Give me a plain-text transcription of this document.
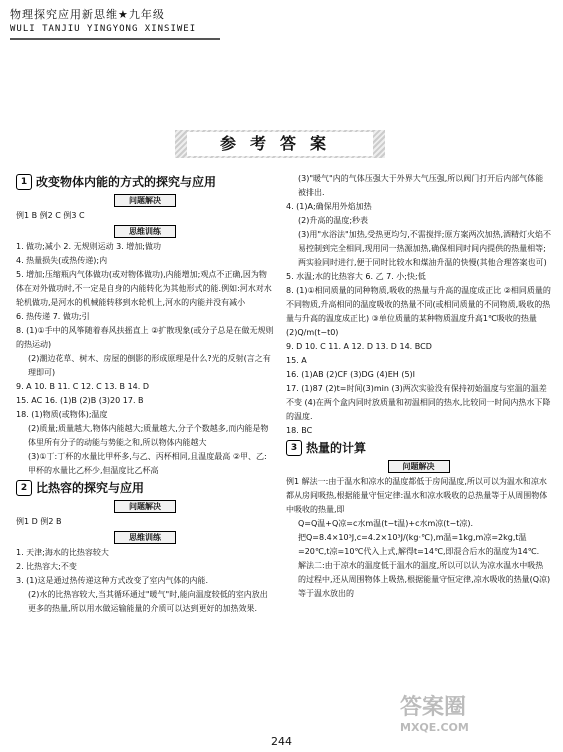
物理探究应用新思维★九年级
WULI TANJIU YINGYONG XINSIWEI
参考答案
1 改变物体内能的方式的探究与应用
问题解决

例1 B 例2 C 例3 C

思维训练

1. 做功;减小 2. 无规则运动 3. 增加;做功

4. 热量损失(或热传递);内

5. 增加;压缩瓶内气体做功(或对物体做功),内能增加;观点不正确,因为物体在对外做功时,不一定是自身的内能转化为其他形式的能.例如:河水对水轮机做功,是河水的机械能转移到水轮机上,河水的内能并没有减小

6. 热传递 7. 做功;引

8. (1)①手中的风筝随着春风扶摇直上 ②扩散现象(或分子总是在做无规则的热运动)

(2)潮边花草、树木、房屋的倒影的形成原理是什么?光的反射(言之有理即可)

9. A 10. B 11. C 12. C 13. B 14. D

15. AC 16. (1)B (2)B (3)20 17. B

18. (1)物质(或物体);温度

(2)质量;质量越大,物体内能越大;质量越大,分子个数越多,而内能是物体里所有分子的动能与势能之和,所以物体内能越大

(3)①丁:丁杯的水量比甲杯多,与乙、丙杯相同,且温度最高 ②甲、乙:甲杯的水量比乙杯少,但温度比乙杯高

2 比热容的探究与应用
问题解决

例1 D 例2 B

思维训练

1. 天津;海水的比热容较大

2. 比热容大;不变

3. (1)这是通过热传递这种方式改变了室内气体的内能.

(2)水的比热容较大,当其循环通过"暖气"时,能向温度较低的室内放出更多的热量,所以用水做运输能量的介质可以达到更好的加热效果.

(3)"暖气"内的气体压强大于外界大气压强,所以阀门打开后内部气体能被排出.

4. (1)A;确保用外焰加热

(2)升高的温度;秒表

(3)用"水浴法"加热,受热更均匀,不需搅拌;原方案两次加热,酒精灯火焰不易控制到完全相同,现用同一热源加热,确保相同时间内提供的热量相等;两实验同时进行,便于同时比较水和煤油升温的快慢(其他合理答案也可)

5. 水温;水的比热容大 6. 乙 7. 小;快;低

8. (1)①相同质量的同种物质,吸收的热量与升高的温度成正比 ②相同质量的不同物质,升高相同的温度吸收的热量不同(或相同质量的不同物质,吸收的热量与升高的温度成正比) ③单位质量的某种物质温度升高1℃吸收的热量 (2)Q/m(t−t0)

9. D 10. C 11. A 12. D 13. D 14. BCD

15. A

16. (1)AB (2)CF (3)DG (4)EH (5)I

17. (1)87 (2)t=时间(3)min (3)两次实验没有保持初始温度与室温的温差不变 (4)在两个盒内同时放质量和初温相同的热水,比较同一时间内热水下降的温度.

18. BC

3 热量的计算
问题解决

例1 解法一:由于温水和凉水的温度都低于房间温度,所以可以为温水和凉水都从房间吸热,根据能量守恒定律:温水和凉水吸收的总热量等于从周围物体中吸收的热量,即

Q=Q温+Q凉=c水m温(t−t温)+c水m凉(t−t凉).

把Q=8.4×10³J,c=4.2×10³J/(kg·℃),m温=1kg,m凉=2kg,t温=20℃,t凉=10℃代入上式,解得t=14℃,即混合后水的温度为14℃.

解法二:由于凉水的温度低于温水的温度,所以可以认为凉水温水中吸热的过程中,还从周围物体上吸热,根据能量守恒定律,凉水吸收的热量(Q凉)等于温水放出的

244
答案圈
MXQE.COM
